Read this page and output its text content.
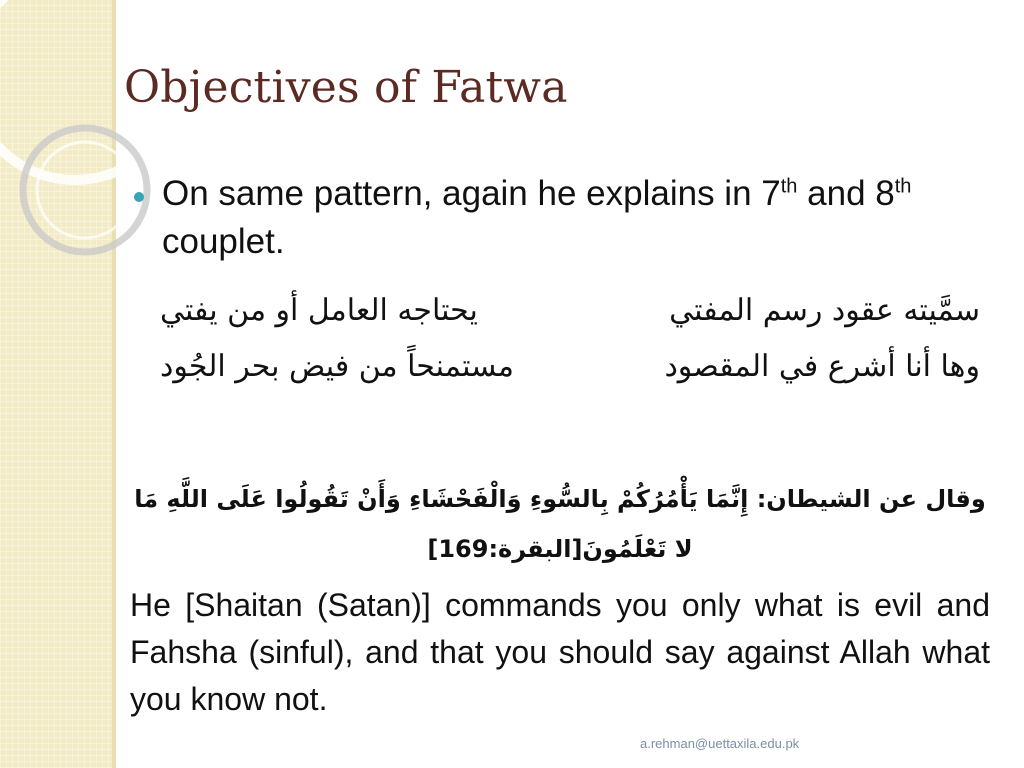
Objectives of Fatwa

On same pattern, again he explains in 7th and 8th couplet.

سمَّيته عقود رسم المفتي
يحتاجه العامل أو من يفتي
وها أنا أشرع في المقصود
مستمنحاً من فيض بحر الجُود

وقال عن الشيطان: إِنَّمَا يَأْمُرُكُمْ بِالسُّوءِ وَالْفَحْشَاءِ وَأَنْ تَقُولُوا عَلَى اللَّهِ مَا لا تَعْلَمُونَ[البقرة:169]

He [Shaitan (Satan)] commands you only what is evil and Fahsha (sinful), and that you should say against Allah what you know not.

a.rehman@uettaxila.edu.pk
